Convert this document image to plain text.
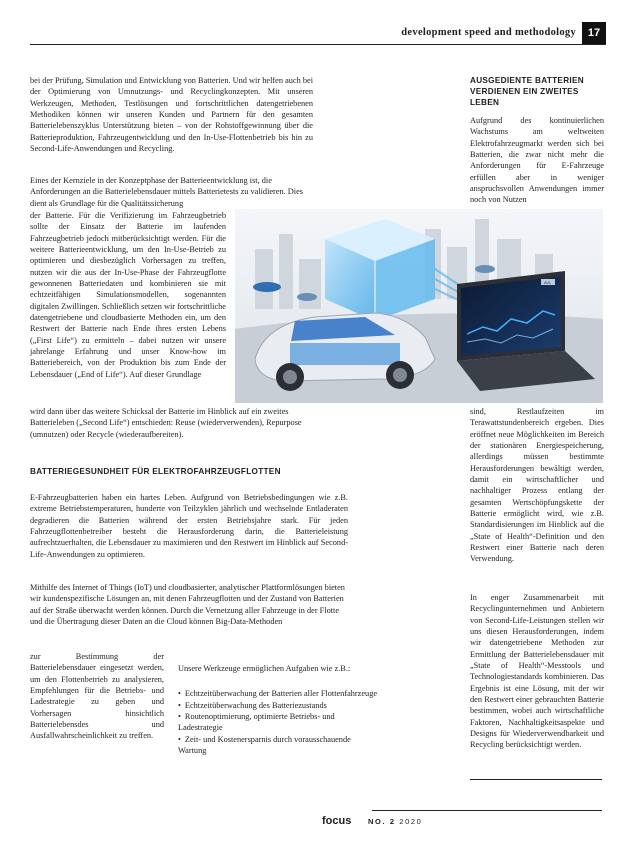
development speed and methodology	17

bei der Prüfung, Simulation und Entwicklung von Batterien. Und wir helfen auch bei der Optimierung von Umnutzungs- und Recyclingkonzepten. Mit unseren Werkzeugen, Methoden, Testlösungen und fortschrittlichen datengetriebenen Methodiken können wir unseren Kunden und Partnern für den gesamten Batterielebenszyklus Unterstützung bieten – von der Rohstoffgewinnung über die Batterieproduktion, Fahrzeugentwicklung und den In-Use-Flottenbetrieb bis hin zu Second-Life-Anwendungen und Recycling.

Eines der Kernziele in der Konzeptphase der Batterieentwicklung ist, die Anforderungen an die Batterielebensdauer mittels Batterietests zu validieren. Dies dient als Grundlage für die Qualitätssicherung

der Batterie. Für die Verifizierung im Fahrzeugbetrieb sollte der Einsatz der Batterie im laufenden Fahrzeugbetrieb jedoch mitberücksichtigt werden. Für die weitere Batterieentwicklung, um den In-Use-Betrieb zu optimieren und diesbezüglich Vorhersagen zu treffen, nutzen wir die aus der In-Use-Phase der Fahrzeugflotte gewonnenen Batteriedaten und kombinieren sie mit echtzeitfähigen Simulationsmodellen, sogenannten digitalen Zwillingen. Schließlich setzen wir fortschrittliche datengetriebene und cloudbasierte Methoden ein, um den Restwert der Batterie nach Ende ihres ersten Lebens („First Life“) zu ermitteln – dabei nutzen wir unsere jahrelange Erfahrung und unser Know-how im Batteriebereich, von der Produktion bis zum Ende der Lebensdauer („End of Life“). Auf dieser Grundlage

wird dann über das weitere Schicksal der Batterie im Hinblick auf ein zweites Batterieleben („Second Life“) entschieden: Reuse (wiederverwenden), Repurpose (umnutzen) oder Recycle (wiederaufbereiten).

BATTERIEGESUNDHEIT FÜR ELEKTROFAHRZEUGFLOTTEN

E-Fahrzeugbatterien haben ein hartes Leben. Aufgrund von Betriebsbedingungen wie z.B. extreme Betriebstemperaturen, hunderte von Teilzyklen jährlich und wechselnde Entladeraten degradieren die Batterien während der ersten Betriebsjahre stark. Für jeden Fahrzeugflottenbetreiber besteht die Herausforderung darin, die Batterieleistung aufrechtzuerhalten, die Lebensdauer zu maximieren und den Restwert im Hinblick auf Second-Life-Anwendungen zu optimieren.

Mithilfe des Internet of Things (IoT) und cloudbasierter, analytischer Plattformlösungen bieten wir kundenspezifische Lösungen an, mit denen Fahrzeugflotten und der Zustand von Batterien auf der Straße überwacht werden können. Durch die Vernetzung aller Fahrzeuge in der Flotte und die Übertragung dieser Daten an die Cloud können Big-Data-Methoden

zur Bestimmung der Batterielebensdauer eingesetzt werden, um den Flottenbetrieb zu analysieren, Empfehlungen für die Betriebs- und Ladestrategie zu geben und Vorhersagen hinsichtlich Batterielebensdes und Ausfallwahrscheinlichkeit zu treffen.

Unsere Werkzeuge ermöglichen Aufgaben wie z.B.:

• Echtzeitüberwachung der Batterien aller Flottenfahrzeuge
• Echtzeitüberwachung des Batteriezustands
• Routenoptimierung, optimierte Betriebs- und Ladestrategie
• Zeit- und Kostenersparnis durch vorausschauende Wartung
AUSGEDIENTE BATTERIEN VERDIENEN EIN ZWEITES LEBEN

Aufgrund des kontinuierlichen Wachstums am weltweiten Elektrofahrzeugmarkt werden sich bei Batterien, die zwar nicht mehr die Anforderungen für E-Fahrzeuge erfüllen aber in weniger anspruchsvollen Anwendungen immer noch von Nutzen

sind, Restlaufzeiten im Terawattstundenbereich ergeben. Dies eröffnet neue Möglichkeiten im Bereich der stationären Energiespeicherung, allerdings müssen bestimmte Herausforderungen bewältigt werden, damit ein wirtschaftlicher und nachhaltiger Prozess entlang der gesamten Wertschöpfungskette der Batterie ermöglicht wird, wie z.B. Standardisierungen im Hinblick auf die „State of Health“-Definition und den Restwert einer Batterie nach deren Verwendung.

In enger Zusammenarbeit mit Recyclingunternehmen und Anbietern von Second-Life-Leistungen stellen wir uns diesen Herausforderungen, indem wir datengetriebene Methoden zur Ermittlung der Batterielebensdauer mit „State of Health“-Messtools und Technologiestandards kombinieren. Das Ergebnis ist eine Lösung, mit der wir den Restwert einer gebrauchten Batterie bestimmen, wobei auch wirtschaftliche Faktoren, Nachhaltigkeitsaspekte und Designs für Wiederverwendbarkeit und Recycling berücksichtigt werden.

AVL
focus NO. 2 2020
